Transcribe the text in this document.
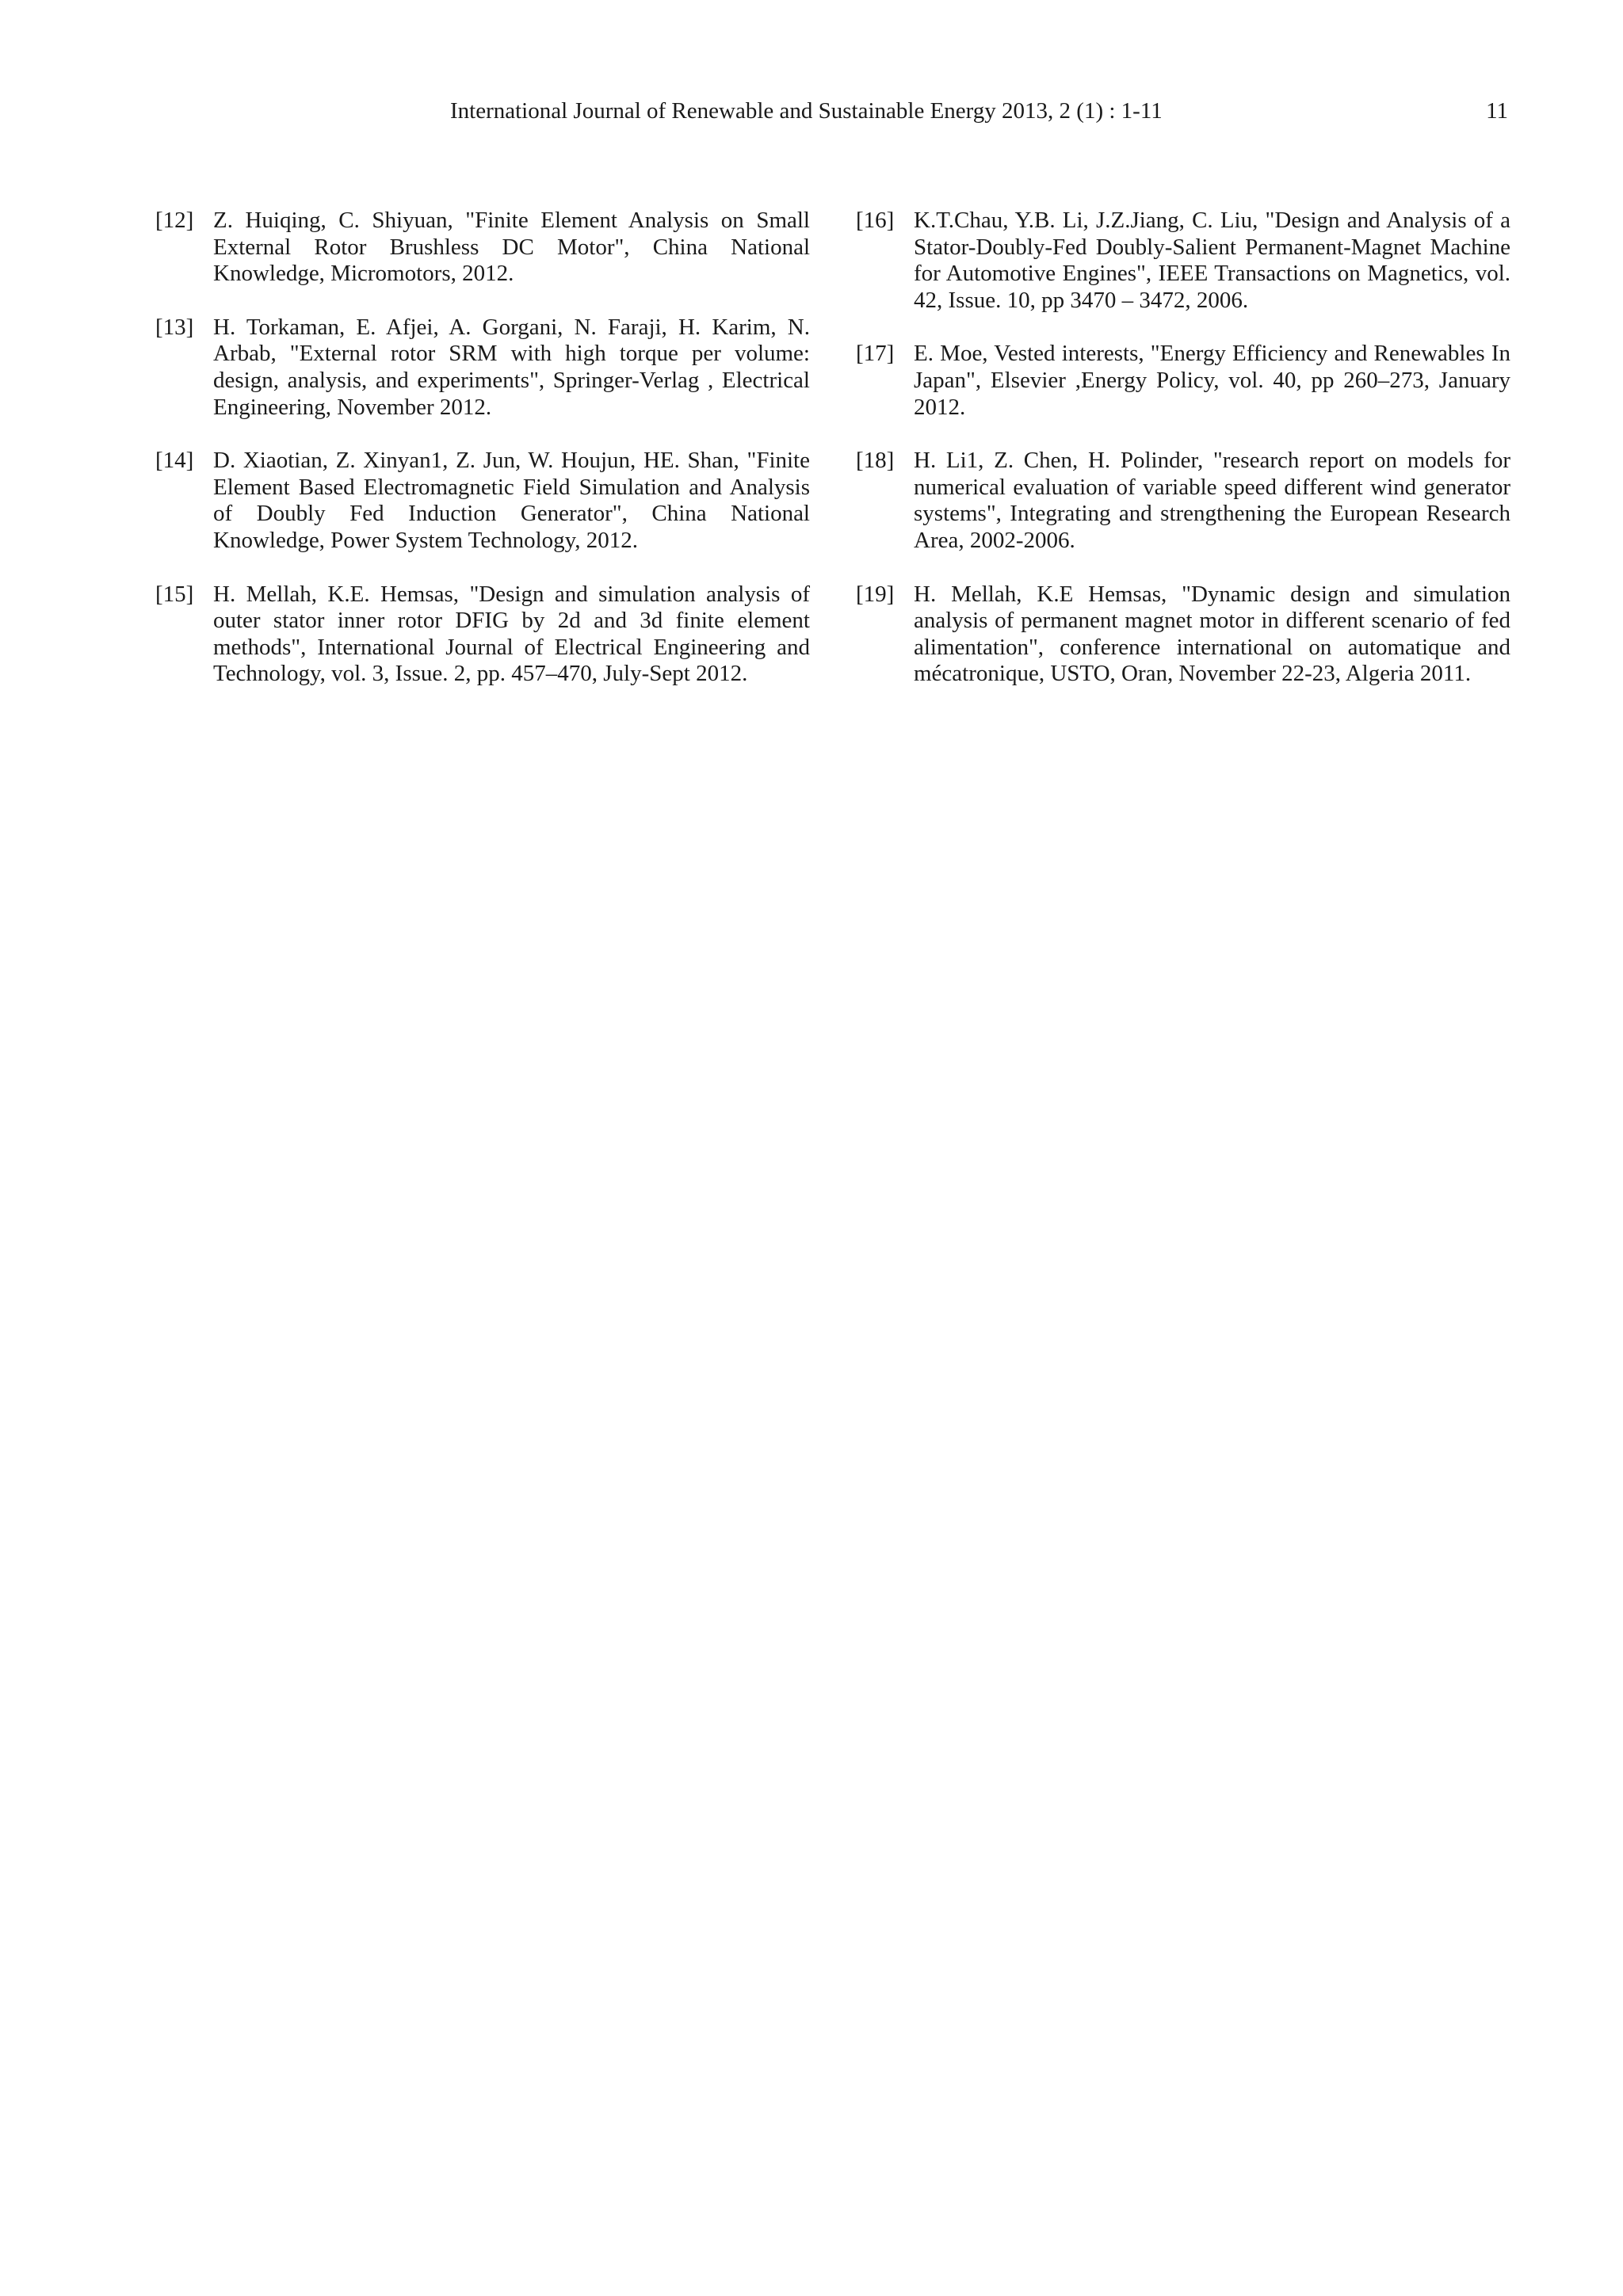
International Journal of Renewable and Sustainable Energy 2013, 2 (1) : 1-11	11
[12] Z. Huiqing, C. Shiyuan, "Finite Element Analysis on Small External Rotor Brushless DC Motor", China National Knowledge, Micromotors, 2012.
[13] H. Torkaman, E. Afjei, A. Gorgani, N. Faraji, H. Karim, N. Arbab, "External rotor SRM with high torque per volume: design, analysis, and experiments", Springer-Verlag , Electrical Engineering, November 2012.
[14] D. Xiaotian, Z. Xinyan1, Z. Jun, W. Houjun, HE. Shan, "Finite Element Based Electromagnetic Field Simulation and Analysis of Doubly Fed Induction Generator", China National Knowledge, Power System Technology, 2012.
[15] H. Mellah, K.E. Hemsas, "Design and simulation analysis of outer stator inner rotor DFIG by 2d and 3d finite element methods", International Journal of Electrical Engineering and Technology, vol. 3, Issue. 2, pp. 457–470, July-Sept 2012.
[16] K.T.Chau, Y.B. Li, J.Z.Jiang, C. Liu, "Design and Analysis of a Stator-Doubly-Fed Doubly-Salient Permanent-Magnet Machine for Automotive Engines", IEEE Transactions on Magnetics, vol. 42, Issue. 10, pp 3470 – 3472, 2006.
[17] E. Moe, Vested interests, "Energy Efficiency and Renewables In Japan", Elsevier ,Energy Policy, vol. 40, pp 260–273, January 2012.
[18] H. Li1, Z. Chen, H. Polinder, "research report on models for numerical evaluation of variable speed different wind generator systems", Integrating and strengthening the European Research Area, 2002-2006.
[19] H. Mellah, K.E Hemsas, "Dynamic design and simulation analysis of permanent magnet motor in different scenario of fed alimentation", conference international on automatique and mécatronique, USTO, Oran, November 22-23, Algeria 2011.
